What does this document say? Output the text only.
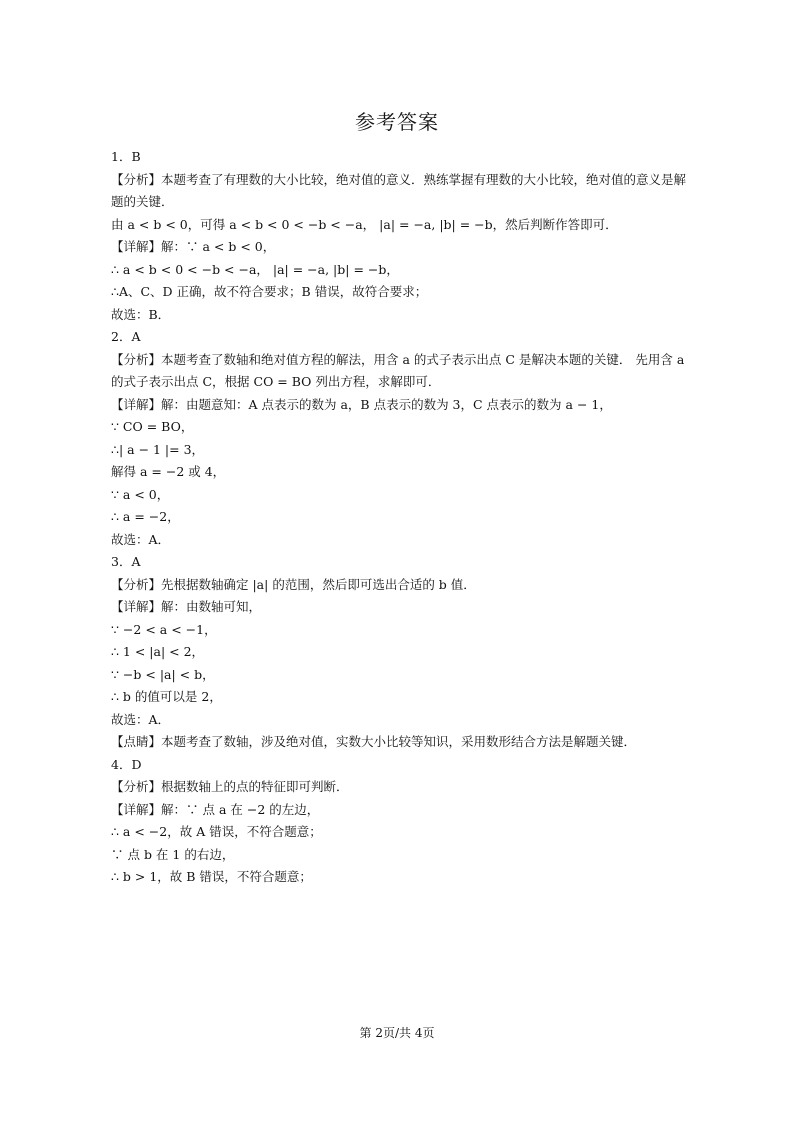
参考答案
1．B
【分析】本题考查了有理数的大小比较，绝对值的意义．熟练掌握有理数的大小比较，绝对值的意义是解题的关键．
由 a < b < 0，可得 a < b < 0 < −b < −a， |a| = −a, |b| = −b，然后判断作答即可．
【详解】解：∵ a < b < 0，
∴ a < b < 0 < −b < −a， |a| = −a, |b| = −b，
∴A、C、D 正确，故不符合要求；B 错误，故符合要求；
故选：B．
2．A
【分析】本题考查了数轴和绝对值方程的解法，用含 a 的式子表示出点 C 是解决本题的关键． 先用含 a 的式子表示出点 C，根据 CO = BO 列出方程，求解即可．
【详解】解：由题意知：A 点表示的数为 a，B 点表示的数为 3，C 点表示的数为 a − 1，
∵ CO = BO，
∴| a − 1 |= 3，
解得 a = −2 或 4，
∵ a < 0，
∴ a = −2，
故选：A．
3．A
【分析】先根据数轴确定 |a| 的范围，然后即可选出合适的 b 值．
【详解】解：由数轴可知，
∵ −2 < a < −1，
∴ 1 < |a| < 2，
∵ −b < |a| < b，
∴ b 的值可以是 2，
故选：A．
【点睛】本题考查了数轴，涉及绝对值，实数大小比较等知识，采用数形结合方法是解题关键．
4．D
【分析】根据数轴上的点的特征即可判断．
【详解】解：∵ 点 a 在 −2 的左边，
∴ a < −2，故 A 错误，不符合题意；
∵ 点 b 在 1 的右边，
∴ b > 1，故 B 错误，不符合题意；
第 2页/共 4页
